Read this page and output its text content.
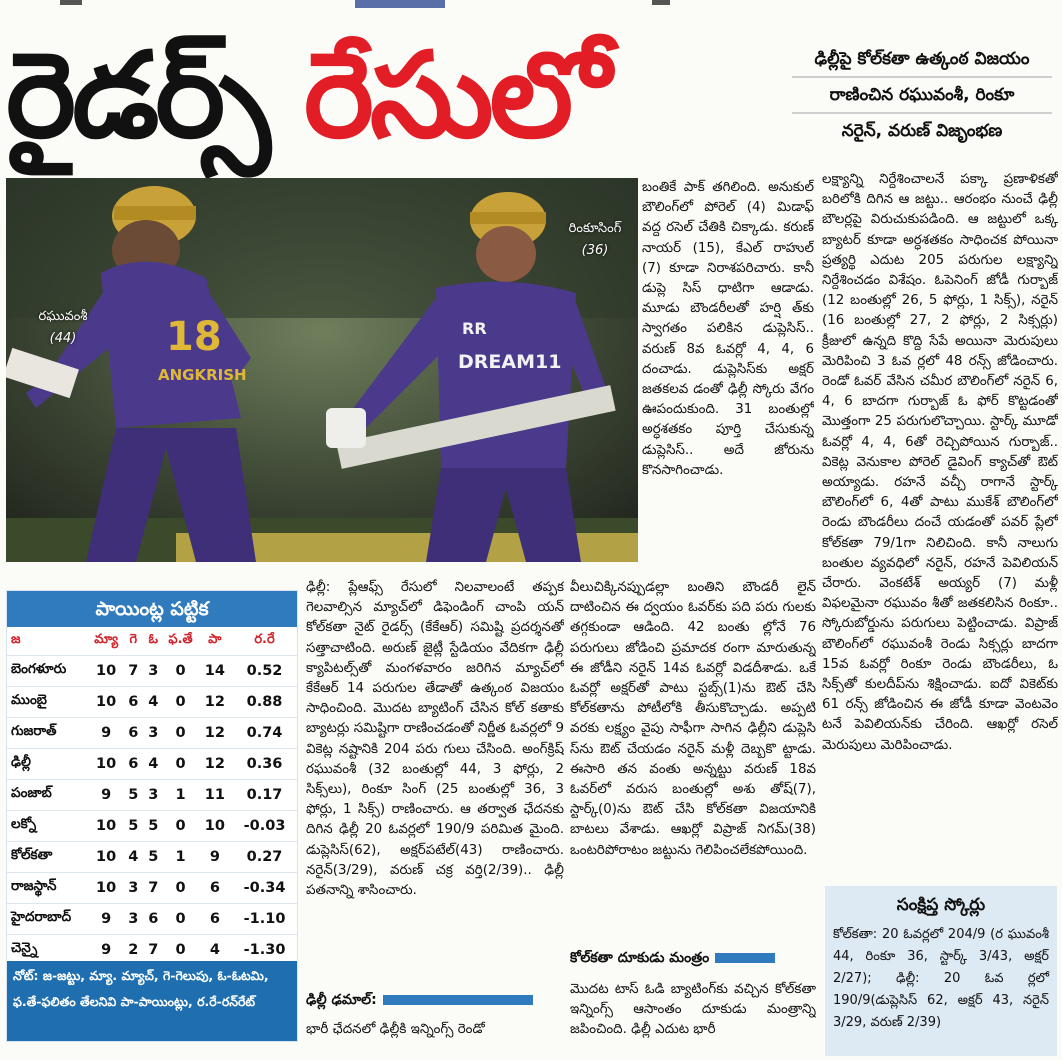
రైడర్స్ రేసులో	ఢిల్లీపై కోల్‌కతా ఉత్కంఠ విజయం
రాణించిన రఘువంశీ, రింకూ
నరైన్, వరుణ్ విజృంభణ
18
ANGKRISH
RR
DREAM11
రఘువంశీ
(44)
రింకూసింగ్
(36)

బంతికే పాక్ తగిలింది. అనుకుల్ బౌలింగ్‌లో పోరెల్ (4) మిడాఫ్ వద్ద రసెల్ చేతికి చిక్కాడు. కరుణ్ నాయర్ (15), కేఎల్ రాహుల్ (7) కూడా నిరాశపరిచారు. కానీ డుప్లె సిస్ ధాటిగా ఆడాడు. మూడు బౌండరీలతో హర్షి త్‌కు స్వాగతం పలికిన డుప్లెసిస్.. వరుణ్ 8వ ఓవర్లో 4, 4, 6 దంచాడు. డుప్లెసిస్‌కు అక్షర్ జతకలవ డంతో ఢిల్లీ స్కోరు వేగం ఊపందుకుంది. 31 బంతుల్లో అర్ధశతకం పూర్తి చేసుకున్న డుప్లెసిస్.. అదే జోరును కొనసాగించాడు.

లక్ష్యాన్ని నిర్దేశించాలనే పక్కా ప్రణాళికతో బరిలోకి దిగిన ఆ జట్టు.. ఆరంభం నుంచే ఢిల్లీ బౌలర్లపై విరుచుకుపడింది. ఆ జట్టులో ఒక్క బ్యాటర్ కూడా అర్ధశతకం సాధించక పోయినా ప్రత్యర్థి ఎదుట 205 పరుగుల లక్ష్యాన్ని నిర్దేశించడం విశేషం. ఓపెనింగ్ జోడీ గుర్బాజ్ (12 బంతుల్లో 26, 5 ఫోర్లు, 1 సిక్స్), నరైన్ (16 బంతుల్లో 27, 2 ఫోర్లు, 2 సిక్సర్లు) క్రీజులో ఉన్నది కొద్ది సేపే అయినా మెరుపులు మెరిపించి 3 ఓవ ర్లలో 48 రన్స్ జోడించారు. రెండో ఓవర్ వేసిన చమీర బౌలింగ్‌లో నరైన్ 6, 4, 6 బాదగా గుర్బాజ్ ఓ ఫోర్ కొట్టడంతో మొత్తంగా 25 పరుగులొచ్చాయి. స్టార్క్ మూడో ఓవర్లో 4, 4, 6తో రెచ్చిపోయిన గుర్బాజ్.. వికెట్ల వెనుకాల పోరెల్ డైవింగ్ క్యాచ్‌తో ఔట్ అయ్యాడు. రహనే వచ్చీ రాగానే స్టార్క్ బౌలింగ్‌లో 6, 4తో పాటు ముకేశ్ బౌలింగ్‌లో రెండు బౌండరీలు దంచే యడంతో పవర్ ప్లేలో కోల్‌కతా 79/1గా నిలిచింది. కానీ నాలుగు బంతుల వ్యవధిలో నరైన్, రహనే పెవిలియన్ చేరారు. వెంకటేశ్ అయ్యర్ (7) మళ్లీ విఫలమైనా రఘువం శీతో జతకలిసిన రింకూ.. స్కోరుబోర్డును పరుగులు పెట్టించాడు. విప్రాజ్ బౌలింగ్‌లో రఘువంశీ రెండు సిక్సర్లు బాదగా 15వ ఓవర్లో రింకూ రెండు బౌండరీలు, ఓ సిక్స్‌తో కులదీప్‌ను శిక్షించాడు. ఐదో వికెట్‌కు 61 రన్స్ జోడించిన ఈ జోడీ కూడా వెంటవెం టనే పెవిలియన్‌కు చేరింది. ఆఖర్లో రసెల్ మెరుపులు మెరిపించాడు.

ఢిల్లీ: ప్లేఆఫ్స్ రేసులో నిలవాలంటే తప్పక గెలవాల్సిన మ్యాచ్‌లో డిఫెండింగ్ చాంపి యన్ కోల్‌కతా నైట్ రైడర్స్ (కేకేఆర్) సమిష్టి ప్రదర్శనతో సత్తాచాటింది. అరుణ్ జైట్లీ స్టేడియం వేదికగా ఢిల్లీ క్యాపిటల్స్‌తో మంగళవారం జరిగిన మ్యాచ్‌లో కేకేఆర్ 14 పరుగుల తేడాతో ఉత్కంఠ విజయం సాధించింది. మొదట బ్యాటింగ్ చేసిన కోల్ కతాకు బ్యాటర్లు సమిష్టిగా రాణించడంతో నిర్ణీత ఓవర్లలో 9 వికెట్ల నష్టానికి 204 పరు గులు చేసింది. అంగ్‌క్రిష్ రఘువంశీ (32 బంతుల్లో 44, 3 ఫోర్లు, 2 సిక్స్‌లు), రింకూ సింగ్ (25 బంతుల్లో 36, 3 ఫోర్లు, 1 సిక్స్) రాణించారు. ఆ తర్వాత ఛేదనకు దిగిన ఢిల్లీ 20 ఓవర్లలో 190/9 పరిమిత మైంది. డుప్లెసిస్(62), అక్షర్‌పటేల్(43) రాణించారు. నరైన్(3/29), వరుణ్ చక్ర వర్తి(2/39).. ఢిల్లీ పతనాన్ని శాసించారు.

ఢిల్లీ ఢమాల్:

భారీ ఛేదనలో ఢిల్లీకి ఇన్నింగ్స్ రెండో

వీలుచిక్కినప్పుడల్లా బంతిని బౌండరీ లైన్ దాటించిన ఈ ద్వయం ఓవర్‌కు పది పరు గులకు తగ్గకుండా ఆడింది. 42 బంతు ల్లోనే 76 పరుగులు జోడించి ప్రమాదక రంగా మారుతున్న ఈ జోడీని నరైన్ 14వ ఓవర్లో విడదీశాడు. ఒకే ఓవర్లో అక్షర్‌తో పాటు స్టబ్స్(1)ను ఔట్ చేసి కోల్‌కతాను పోటీలోకి తీసుకొచ్చాడు. అప్పటి వరకు లక్ష్యం వైపు సాఫీగా సాగిన ఢిల్లీని డుప్లెసి స్‌ను ఔట్ చేయడం నరైన్ మళ్లీ దెబ్బకొ ట్టాడు. ఈసారి తన వంతు అన్నట్టు వరుణ్ 18వ ఓవర్‌లో వరుస బంతుల్లో అశు తోష్(7), స్టార్క్(0)ను ఔట్ చేసి కోల్‌కతా విజయానికి బాటలు వేశాడు. ఆఖర్లో విప్రాజ్ నిగమ్(38) ఒంటరిపోరాటం జట్టును గెలిపించలేకపోయింది.

కోల్‌కతా దూకుడు మంత్రం

మొదట టాస్ ఓడి బ్యాటింగ్‌కు వచ్చిన కోల్‌కతా ఇన్నింగ్స్ ఆసాంతం దూకుడు మంత్రాన్ని జపించింది. ఢిల్లీ ఎదుట భారీ

పాయింట్ల పట్టిక
జ	మ్యా	గె	ఓ	ఫ.తే	పా	ర.రే
బెంగళూరు	10	7	3	0	14	0.52
ముంబై	10	6	4	0	12	0.88
గుజరాత్	9	6	3	0	12	0.74
ఢిల్లీ	10	6	4	0	12	0.36
పంజాబ్	9	5	3	1	11	0.17
లక్నో	10	5	5	0	10	-0.03
కోల్‌కతా	10	4	5	1	9	0.27
రాజస్థాన్	10	3	7	0	6	-0.34
హైదరాబాద్	9	3	6	0	6	-1.10
చెన్నై	9	2	7	0	4	-1.30
నోట్: జ-జట్టు, మ్యా. మ్యాచ్, గె-గెలుపు, ఓ-ఓటమి, ఫ.తే-ఫలితం తేలనివి పా-పాయింట్లు, ర.రే-రన్‌రేట్
సంక్షిప్త స్కోర్లు
కోల్‌కతా: 20 ఓవర్లలో 204/9 (ర ఘువంశీ 44, రింకూ 36, స్టార్క్ 3/43, అక్షర్ 2/27); ఢిల్లీ: 20 ఓవ ర్లలో 190/9(డుప్లెసిస్ 62, అక్షర్ 43, నరైన్ 3/29, వరుణ్ 2/39)
